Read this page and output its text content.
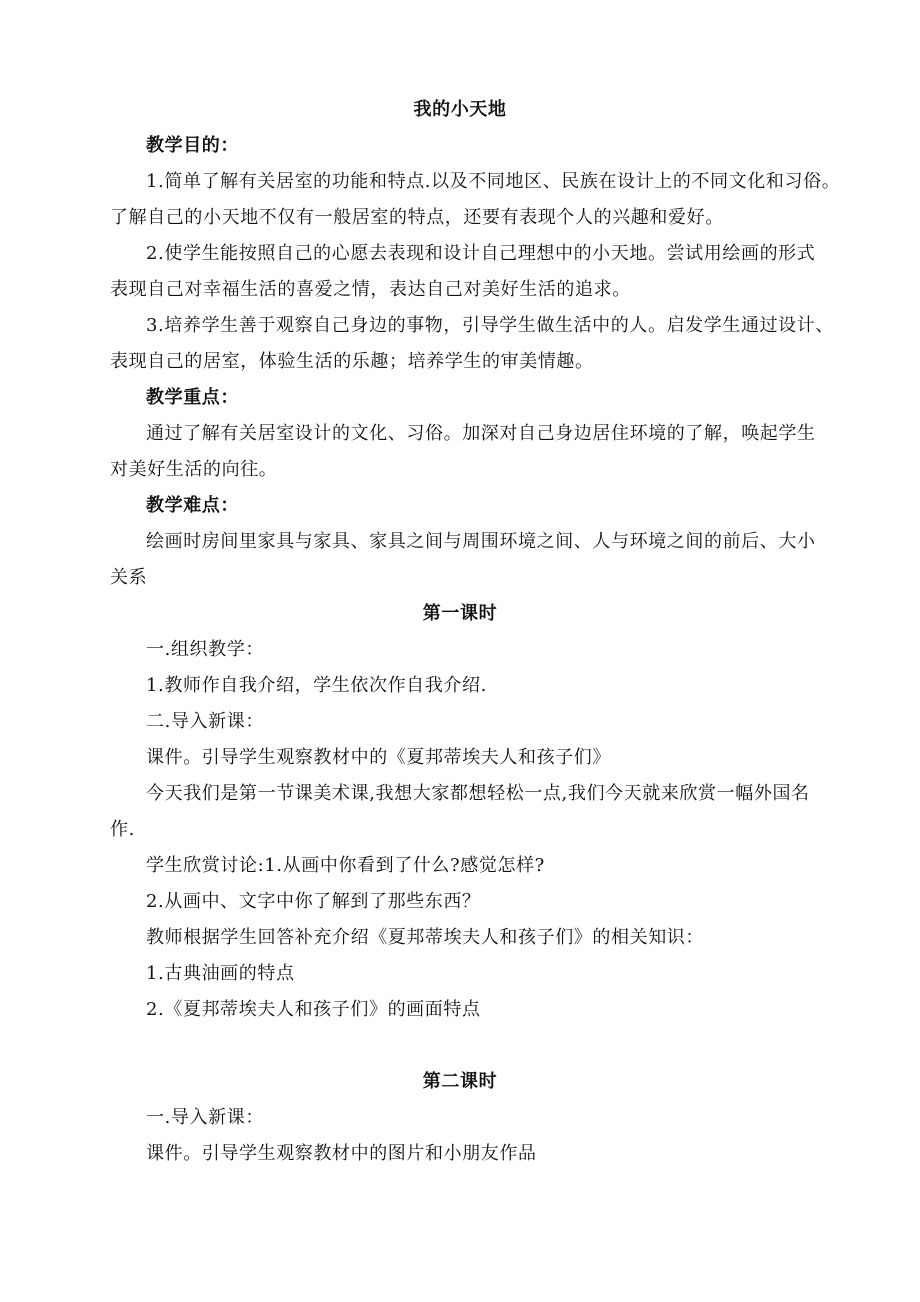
我的小天地
教学目的：
1.简单了解有关居室的功能和特点.以及不同地区、民族在设计上的不同文化和习俗。
了解自己的小天地不仅有一般居室的特点，还要有表现个人的兴趣和爱好。
2.使学生能按照自己的心愿去表现和设计自己理想中的小天地。尝试用绘画的形式
表现自己对幸福生活的喜爱之情，表达自己对美好生活的追求。
3.培养学生善于观察自己身边的事物，引导学生做生活中的人。启发学生通过设计、
表现自己的居室，体验生活的乐趣；培养学生的审美情趣。
教学重点：
通过了解有关居室设计的文化、习俗。加深对自己身边居住环境的了解，唤起学生
对美好生活的向往。
教学难点：
绘画时房间里家具与家具、家具之间与周围环境之间、人与环境之间的前后、大小
关系
第一课时
一.组织教学：
1.教师作自我介绍，学生依次作自我介绍.
二.导入新课：
课件。引导学生观察教材中的《夏邦蒂埃夫人和孩子们》
今天我们是第一节课美术课,我想大家都想轻松一点,我们今天就来欣赏一幅外国名
作.
学生欣赏讨论:1.从画中你看到了什么?感觉怎样?
2.从画中、文字中你了解到了那些东西？
教师根据学生回答补充介绍《夏邦蒂埃夫人和孩子们》的相关知识：
1.古典油画的特点
2.《夏邦蒂埃夫人和孩子们》的画面特点
第二课时
一.导入新课：
课件。引导学生观察教材中的图片和小朋友作品
